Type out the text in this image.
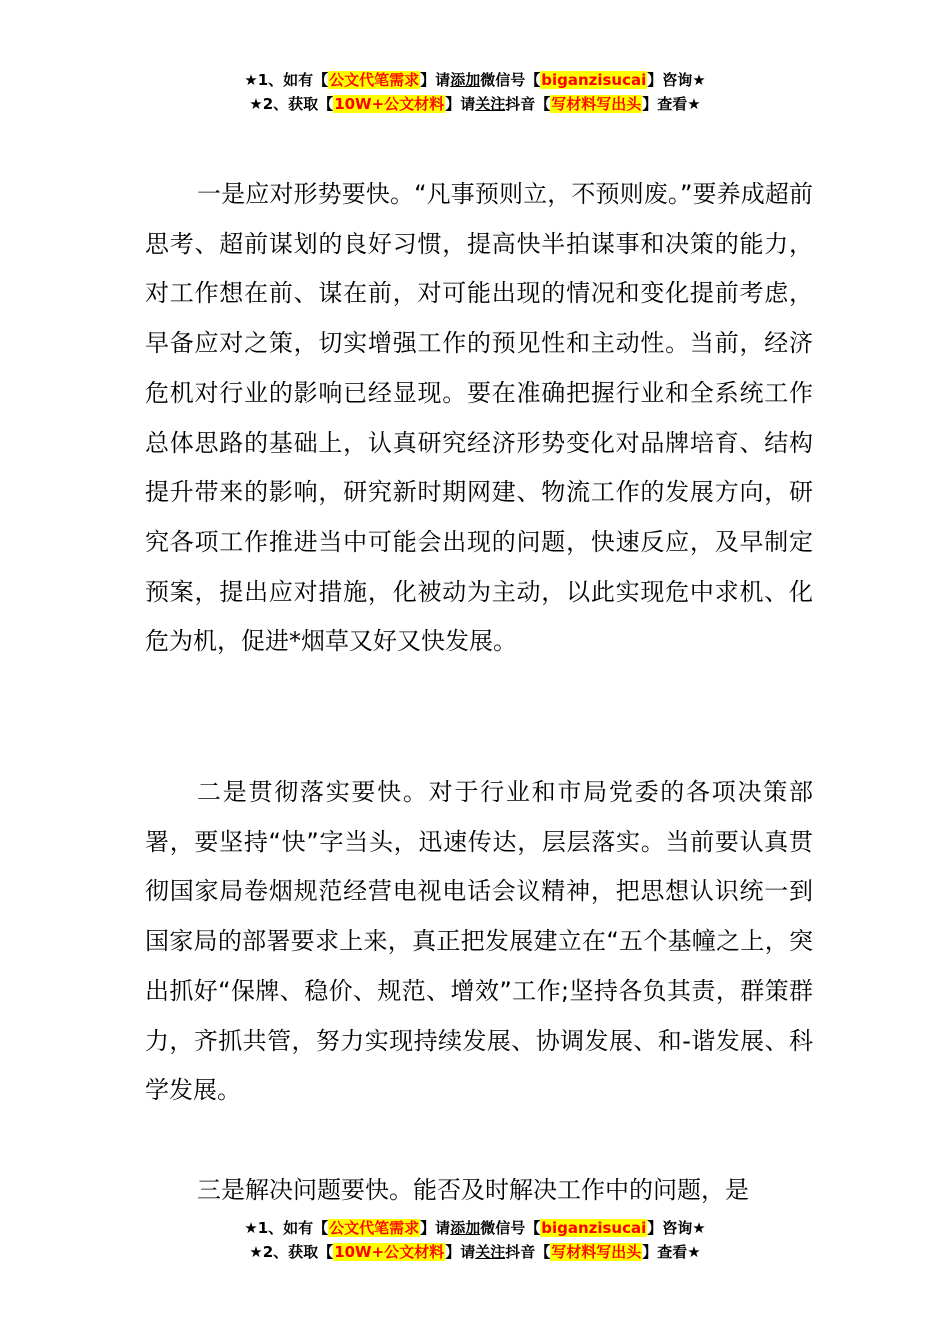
★1、如有【公文代笔需求】请添加微信号【biganzisucai】咨询★
★2、获取【10W+公文材料】请关注抖音【写材料写出头】查看★

一是应对形势要快。“凡事预则立，不预则废。”要养成超前思考、超前谋划的良好习惯，提高快半拍谋事和决策的能力，对工作想在前、谋在前，对可能出现的情况和变化提前考虑，早备应对之策，切实增强工作的预见性和主动性。当前，经济危机对行业的影响已经显现。要在准确把握行业和全系统工作总体思路的基础上，认真研究经济形势变化对品牌培育、结构提升带来的影响，研究新时期网建、物流工作的发展方向，研究各项工作推进当中可能会出现的问题，快速反应，及早制定预案，提出应对措施，化被动为主动，以此实现危中求机、化危为机，促进*烟草又好又快发展。

二是贯彻落实要快。对于行业和市局党委的各项决策部署，要坚持“快”字当头，迅速传达，层层落实。当前要认真贯彻国家局卷烟规范经营电视电话会议精神，把思想认识统一到国家局的部署要求上来，真正把发展建立在“五个基幢之上，突出抓好“保牌、稳价、规范、增效”工作;坚持各负其责，群策群力，齐抓共管，努力实现持续发展、协调发展、和-谐发展、科学发展。

三是解决问题要快。能否及时解决工作中的问题，是

★1、如有【公文代笔需求】请添加微信号【biganzisucai】咨询★
★2、获取【10W+公文材料】请关注抖音【写材料写出头】查看★
